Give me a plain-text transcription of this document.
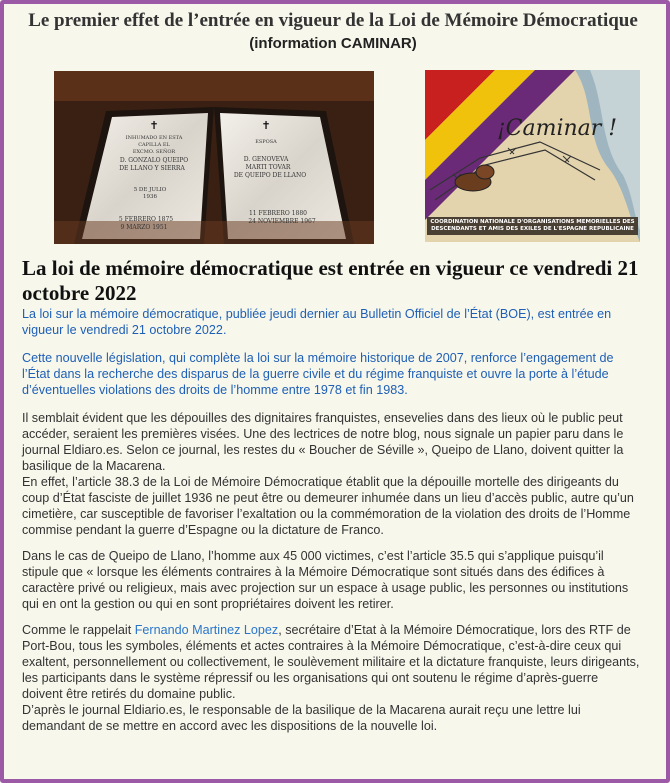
Le premier effet de l’entrée en vigueur de la Loi de Mémoire Démocratique (information CAMINAR)
✝	✝
INHUMADO EN ESTA
CAPILLA EL
EXCMO. SEÑOR
D. GONZALO QUEIPO
DE LLANO Y SIERRA
5 DE JULIO
1936
5 FEBRERO 1875
9 MARZO 1951
ESPOSA
D. GENOVEVA
MARTI TOVAR
DE QUEIPO DE LLANO
11 FEBRERO 1880
24 NOVIEMBRE 1967
¡Caminar !
COORDINATION NATIONALE D'ORGANISATIONS MEMORIELLES DES DESCENDANTS ET AMIS DES EXILES DE L'ESPAGNE REPUBLICAINE
La loi de mémoire démocratique est entrée en vigueur ce vendredi 21 octobre 2022

La loi sur la mémoire démocratique, publiée jeudi dernier au Bulletin Officiel de l’État (BOE), est entrée en vigueur le vendredi 21 octobre 2022.

Cette nouvelle législation, qui complète la loi sur la mémoire historique de 2007, renforce l’engagement de l’État dans la recherche des disparus de la guerre civile et du régime franquiste et ouvre la porte à l’étude d’éventuelles violations des droits de l’homme entre 1978 et fin 1983.

Il semblait évident que les dépouilles des dignitaires franquistes, ensevelies dans des lieux où le public peut accéder, seraient les premières visées. Une des lectrices de notre blog, nous signale un papier paru dans le journal Eldiaro.es. Selon ce journal, les restes du « Boucher de Séville », Queipo de Llano, doivent quitter la basilique de la Macarena.

En effet, l’article 38.3 de la Loi de Mémoire Démocratique établit que la dépouille mortelle des dirigeants du coup d’État fasciste de juillet 1936 ne peut être ou demeurer inhumée dans un lieu d’accès public, autre qu’un cimetière, car susceptible de favoriser l’exaltation ou la commémoration de la violation des droits de l’Homme commise pendant la guerre d’Espagne ou la dictature de Franco.

Dans le cas de Queipo de Llano, l’homme aux 45 000 victimes, c’est l’article 35.5 qui s’applique puisqu’il stipule que « lorsque les éléments contraires à la Mémoire Démocratique sont situés dans des édifices à caractère privé ou religieux, mais avec projection sur un espace à usage public, les personnes ou institutions qui en ont la gestion ou qui en sont propriétaires doivent les retirer.

Comme le rappelait Fernando Martinez Lopez, secrétaire d’Etat à la Mémoire Démocratique, lors des RTF de Port-Bou, tous les symboles, éléments et actes contraires à la Mémoire Démocratique, c’est-à-dire ceux qui exaltent, personnellement ou collectivement, le soulèvement militaire et la dictature franquiste, leurs dirigeants, les participants dans le système répressif ou les organisations qui ont soutenu le régime d’après-guerre doivent être retirés du domaine public.

D’après le journal Eldiario.es, le responsable de la basilique de la Macarena aurait reçu une lettre lui demandant de se mettre en accord avec les dispositions de la nouvelle loi.
